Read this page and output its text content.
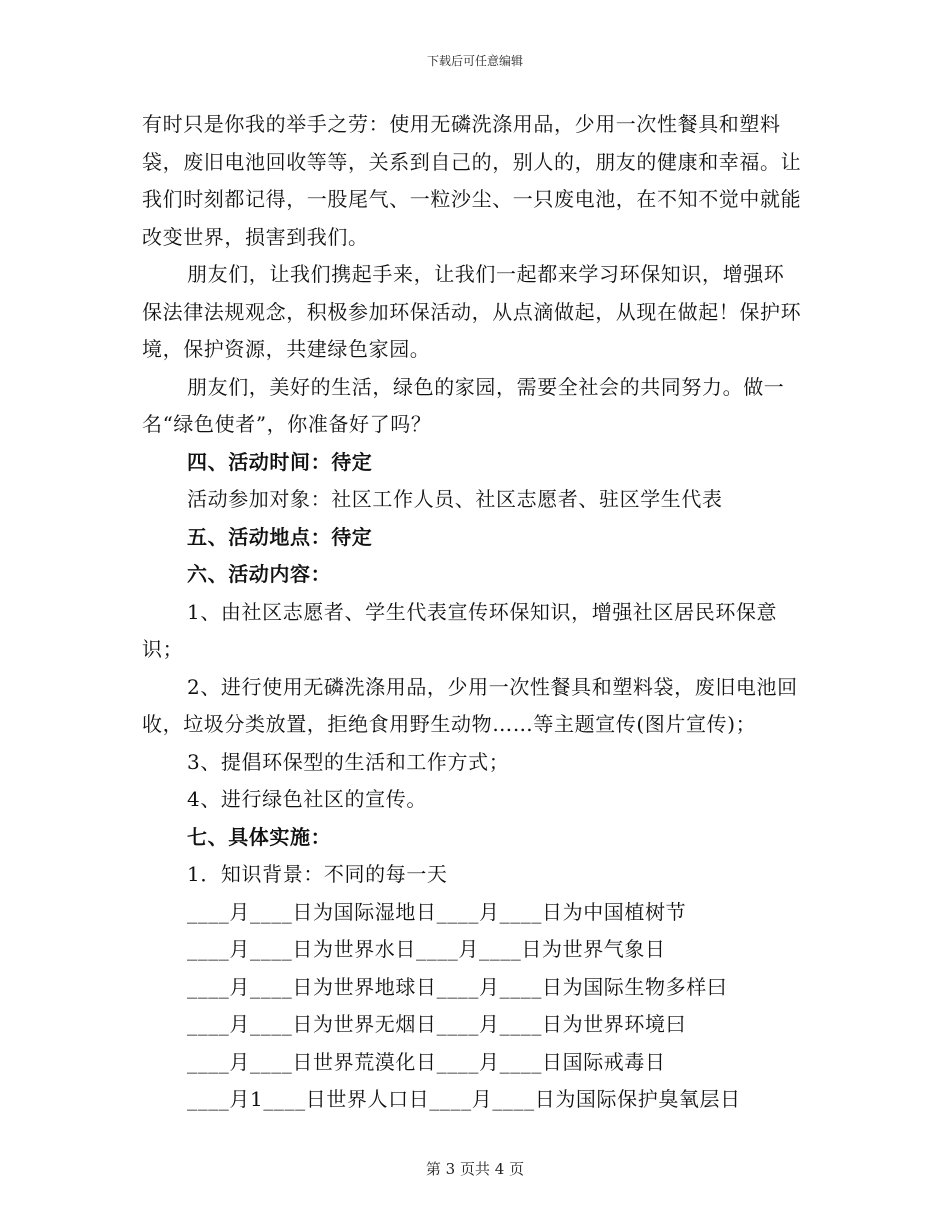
下载后可任意编辑

有时只是你我的举手之劳：使用无磷洗涤用品，少用一次性餐具和塑料袋，废旧电池回收等等，关系到自己的，别人的，朋友的健康和幸福。让我们时刻都记得，一股尾气、一粒沙尘、一只废电池，在不知不觉中就能改变世界，损害到我们。

朋友们，让我们携起手来，让我们一起都来学习环保知识，增强环保法律法规观念，积极参加环保活动，从点滴做起，从现在做起！保护环境，保护资源，共建绿色家园。

朋友们，美好的生活，绿色的家园，需要全社会的共同努力。做一名“绿色使者”，你准备好了吗？

四、活动时间：待定

活动参加对象：社区工作人员、社区志愿者、驻区学生代表

五、活动地点：待定

六、活动内容：

1、由社区志愿者、学生代表宣传环保知识，增强社区居民环保意识；

2、进行使用无磷洗涤用品，少用一次性餐具和塑料袋，废旧电池回收，垃圾分类放置，拒绝食用野生动物……等主题宣传(图片宣传)；

3、提倡环保型的生活和工作方式；

4、进行绿色社区的宣传。

七、具体实施：

1．知识背景：不同的每一天

____月____日为国际湿地日____月____日为中国植树节

____月____日为世界水日____月____日为世界气象日

____月____日为世界地球日____月____日为国际生物多样曰

____月____日为世界无烟日____月____日为世界环境曰

____月____日世界荒漠化日____月____日国际戒毒日

____月1____日世界人口日____月____日为国际保护臭氧层日

第 3 页共 4 页
